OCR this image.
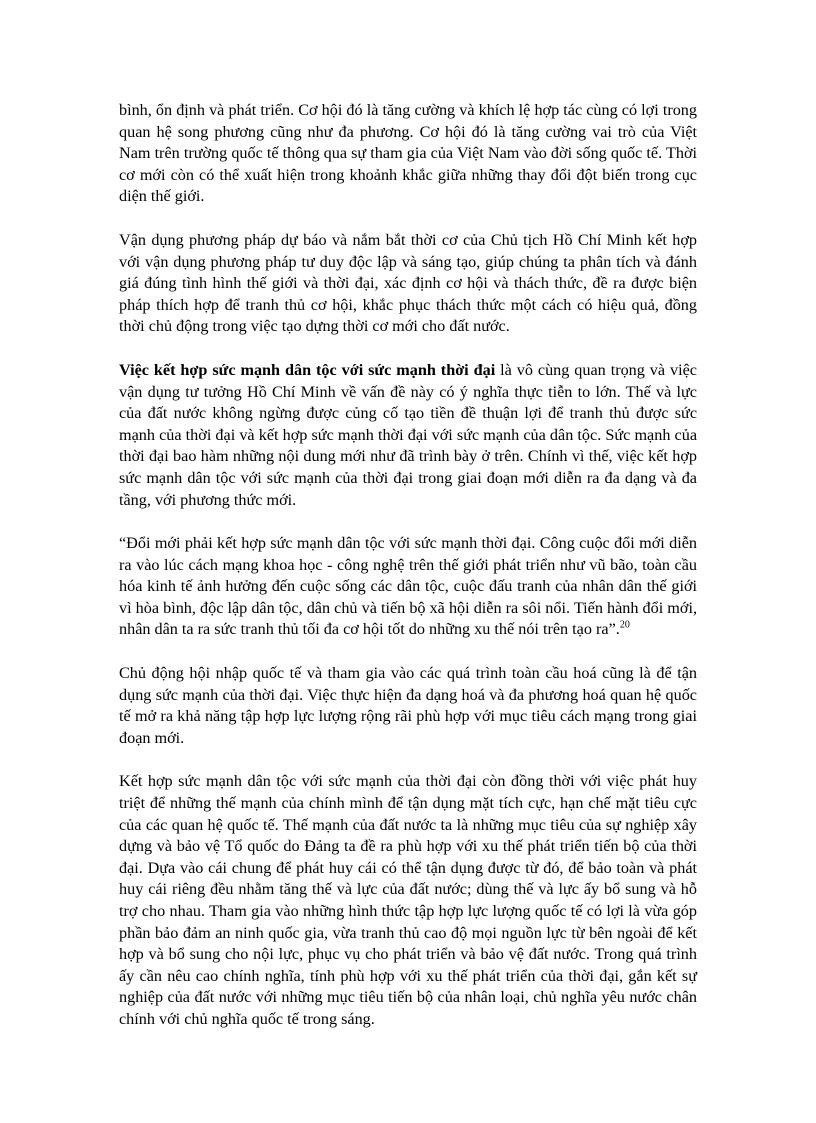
bình, ổn định và phát triển. Cơ hội đó là tăng cường và khích lệ hợp tác cùng có lợi trong quan hệ song phương cũng như đa phương. Cơ hội đó là tăng cường vai trò của Việt Nam trên trường quốc tế thông qua sự tham gia của Việt Nam vào đời sống quốc tế. Thời cơ mới còn có thể xuất hiện trong khoảnh khắc giữa những thay đổi đột biến trong cục diện thế giới.

Vận dụng phương pháp dự báo và nắm bắt thời cơ của Chủ tịch Hồ Chí Minh kết hợp với vận dụng phương pháp tư duy độc lập và sáng tạo, giúp chúng ta phân tích và đánh giá đúng tình hình thế giới và thời đại, xác định cơ hội và thách thức, đề ra được biện pháp thích hợp để tranh thủ cơ hội, khắc phục thách thức một cách có hiệu quả, đồng thời chủ động trong việc tạo dựng thời cơ mới cho đất nước.

Việc kết hợp sức mạnh dân tộc với sức mạnh thời đại là vô cùng quan trọng và việc vận dụng tư tưởng Hồ Chí Minh về vấn đề này có ý nghĩa thực tiễn to lớn. Thế và lực của đất nước không ngừng được củng cố tạo tiền đề thuận lợi để tranh thủ được sức mạnh của thời đại và kết hợp sức mạnh thời đại với sức mạnh của dân tộc. Sức mạnh của thời đại bao hàm những nội dung mới như đã trình bày ở trên. Chính vì thế, việc kết hợp sức mạnh dân tộc với sức mạnh của thời đại trong giai đoạn mới diễn ra đa dạng và đa tầng, với phương thức mới.

“Đổi mới phải kết hợp sức mạnh dân tộc với sức mạnh thời đại. Công cuộc đổi mới diễn ra vào lúc cách mạng khoa học - công nghệ trên thế giới phát triển như vũ bão, toàn cầu hóa kinh tế ảnh hưởng đến cuộc sống các dân tộc, cuộc đấu tranh của nhân dân thế giới vì hòa bình, độc lập dân tộc, dân chủ và tiến bộ xã hội diễn ra sôi nổi. Tiến hành đổi mới, nhân dân ta ra sức tranh thủ tối đa cơ hội tốt do những xu thế nói trên tạo ra”.$^{20}$

Chủ động hội nhập quốc tế và tham gia vào các quá trình toàn cầu hoá cũng là để tận dụng sức mạnh của thời đại. Việc thực hiện đa dạng hoá và đa phương hoá quan hệ quốc tế mở ra khả năng tập hợp lực lượng rộng rãi phù hợp với mục tiêu cách mạng trong giai đoạn mới.

Kết hợp sức mạnh dân tộc với sức mạnh của thời đại còn đồng thời với việc phát huy triệt để những thế mạnh của chính mình để tận dụng mặt tích cực, hạn chế mặt tiêu cực của các quan hệ quốc tế. Thế mạnh của đất nước ta là những mục tiêu của sự nghiệp xây dựng và bảo vệ Tổ quốc do Đảng ta đề ra phù hợp với xu thế phát triển tiến bộ của thời đại. Dựa vào cái chung để phát huy cái có thể tận dụng được từ đó, để bảo toàn và phát huy cái riêng đều nhằm tăng thế và lực của đất nước; dùng thế và lực ấy bổ sung và hỗ trợ cho nhau. Tham gia vào những hình thức tập hợp lực lượng quốc tế có lợi là vừa góp phần bảo đảm an ninh quốc gia, vừa tranh thủ cao độ mọi nguồn lực từ bên ngoài để kết hợp và bổ sung cho nội lực, phục vụ cho phát triển và bảo vệ đất nước. Trong quá trình ấy cần nêu cao chính nghĩa, tính phù hợp với xu thế phát triển của thời đại, gắn kết sự nghiệp của đất nước với những mục tiêu tiến bộ của nhân loại, chủ nghĩa yêu nước chân chính với chủ nghĩa quốc tế trong sáng.
